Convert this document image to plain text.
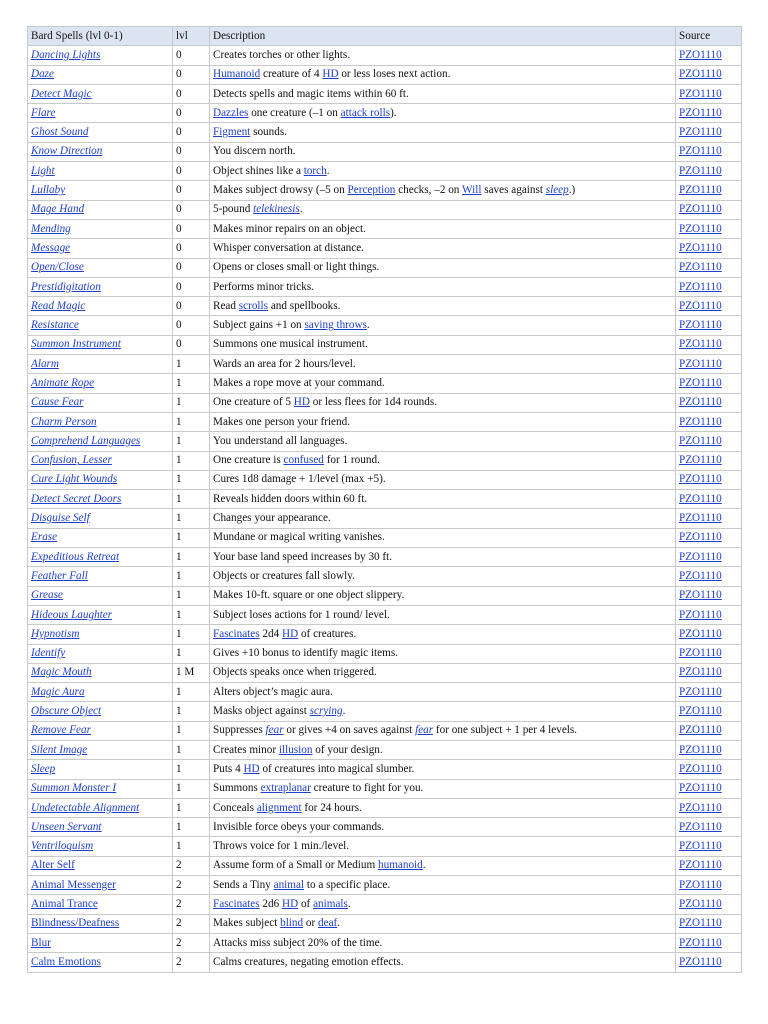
Bard Spells (lvl 0-1)	lvl	Description	Source
Dancing Lights	0	Creates torches or other lights.	PZO1110
Daze	0	Humanoid creature of 4 HD or less loses next action.	PZO1110
Detect Magic	0	Detects spells and magic items within 60 ft.	PZO1110
Flare	0	Dazzles one creature (–1 on attack rolls).	PZO1110
Ghost Sound	0	Figment sounds.	PZO1110
Know Direction	0	You discern north.	PZO1110
Light	0	Object shines like a torch.	PZO1110
Lullaby	0	Makes subject drowsy (–5 on Perception checks, –2 on Will saves against sleep.)	PZO1110
Mage Hand	0	5-pound telekinesis.	PZO1110
Mending	0	Makes minor repairs on an object.	PZO1110
Message	0	Whisper conversation at distance.	PZO1110
Open/Close	0	Opens or closes small or light things.	PZO1110
Prestidigitation	0	Performs minor tricks.	PZO1110
Read Magic	0	Read scrolls and spellbooks.	PZO1110
Resistance	0	Subject gains +1 on saving throws.	PZO1110
Summon Instrument	0	Summons one musical instrument.	PZO1110
Alarm	1	Wards an area for 2 hours/level.	PZO1110
Animate Rope	1	Makes a rope move at your command.	PZO1110
Cause Fear	1	One creature of 5 HD or less flees for 1d4 rounds.	PZO1110
Charm Person	1	Makes one person your friend.	PZO1110
Comprehend Languages	1	You understand all languages.	PZO1110
Confusion, Lesser	1	One creature is confused for 1 round.	PZO1110
Cure Light Wounds	1	Cures 1d8 damage + 1/level (max +5).	PZO1110
Detect Secret Doors	1	Reveals hidden doors within 60 ft.	PZO1110
Disguise Self	1	Changes your appearance.	PZO1110
Erase	1	Mundane or magical writing vanishes.	PZO1110
Expeditious Retreat	1	Your base land speed increases by 30 ft.	PZO1110
Feather Fall	1	Objects or creatures fall slowly.	PZO1110
Grease	1	Makes 10-ft. square or one object slippery.	PZO1110
Hideous Laughter	1	Subject loses actions for 1 round/ level.	PZO1110
Hypnotism	1	Fascinates 2d4 HD of creatures.	PZO1110
Identify	1	Gives +10 bonus to identify magic items.	PZO1110
Magic Mouth	1 M	Objects speaks once when triggered.	PZO1110
Magic Aura	1	Alters object’s magic aura.	PZO1110
Obscure Object	1	Masks object against scrying.	PZO1110
Remove Fear	1	Suppresses fear or gives +4 on saves against fear for one subject + 1 per 4 levels.	PZO1110
Silent Image	1	Creates minor illusion of your design.	PZO1110
Sleep	1	Puts 4 HD of creatures into magical slumber.	PZO1110
Summon Monster I	1	Summons extraplanar creature to fight for you.	PZO1110
Undetectable Alignment	1	Conceals alignment for 24 hours.	PZO1110
Unseen Servant	1	Invisible force obeys your commands.	PZO1110
Ventriloquism	1	Throws voice for 1 min./level.	PZO1110
Alter Self	2	Assume form of a Small or Medium humanoid.	PZO1110
Animal Messenger	2	Sends a Tiny animal to a specific place.	PZO1110
Animal Trance	2	Fascinates 2d6 HD of animals.	PZO1110
Blindness/Deafness	2	Makes subject blind or deaf.	PZO1110
Blur	2	Attacks miss subject 20% of the time.	PZO1110
Calm Emotions	2	Calms creatures, negating emotion effects.	PZO1110
